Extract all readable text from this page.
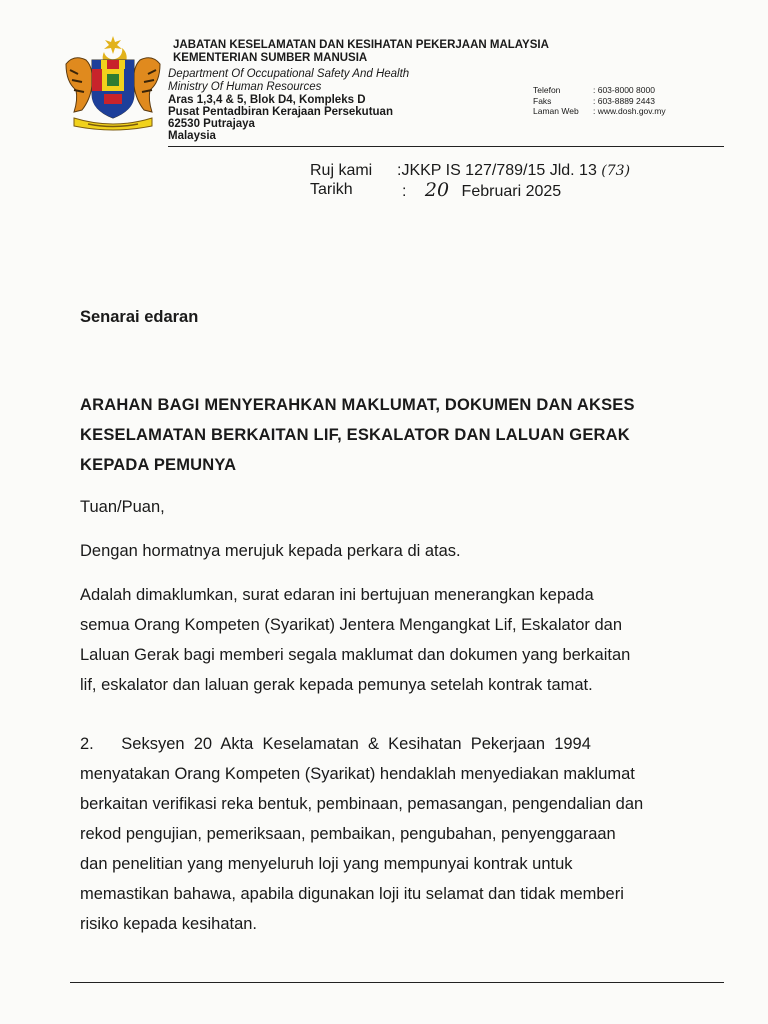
JABATAN KESELAMATAN DAN KESIHATAN PEKERJAAN MALAYSIA
KEMENTERIAN SUMBER MANUSIA
Department Of Occupational Safety And Health
Ministry Of Human Resources
Aras 1,3,4 & 5, Blok D4, Kompleks D
Pusat Pentadbiran Kerajaan Persekutuan
62530 Putrajaya
Malaysia
Telefon	: 603-8000 8000
Faks	: 603-8889 2443
Laman Web : www.dosh.gov.my
Ruj kami :JKKP IS 127/789/15 Jld. 13 (73)
Tarikh	: 20 Februari 2025
Senarai edaran
ARAHAN BAGI MENYERAHKAN MAKLUMAT, DOKUMEN DAN AKSES
KESELAMATAN BERKAITAN LIF, ESKALATOR DAN LALUAN GERAK
KEPADA PEMUNYA
Tuan/Puan,
Dengan hormatnya merujuk kepada perkara di atas.
Adalah dimaklumkan, surat edaran ini bertujuan menerangkan kepada
semua Orang Kompeten (Syarikat) Jentera Mengangkat Lif, Eskalator dan
Laluan Gerak bagi memberi segala maklumat dan dokumen yang berkaitan
lif, eskalator dan laluan gerak kepada pemunya setelah kontrak tamat.
2.      Seksyen  20  Akta  Keselamatan  &  Kesihatan  Pekerjaan  1994
menyatakan Orang Kompeten (Syarikat) hendaklah menyediakan maklumat
berkaitan verifikasi reka bentuk, pembinaan, pemasangan, pengendalian dan
rekod pengujian, pemeriksaan, pembaikan, pengubahan, penyenggaraan
dan penelitian yang menyeluruh loji yang mempunyai kontrak untuk
memastikan bahawa, apabila digunakan loji itu selamat dan tidak memberi
risiko kepada kesihatan.
